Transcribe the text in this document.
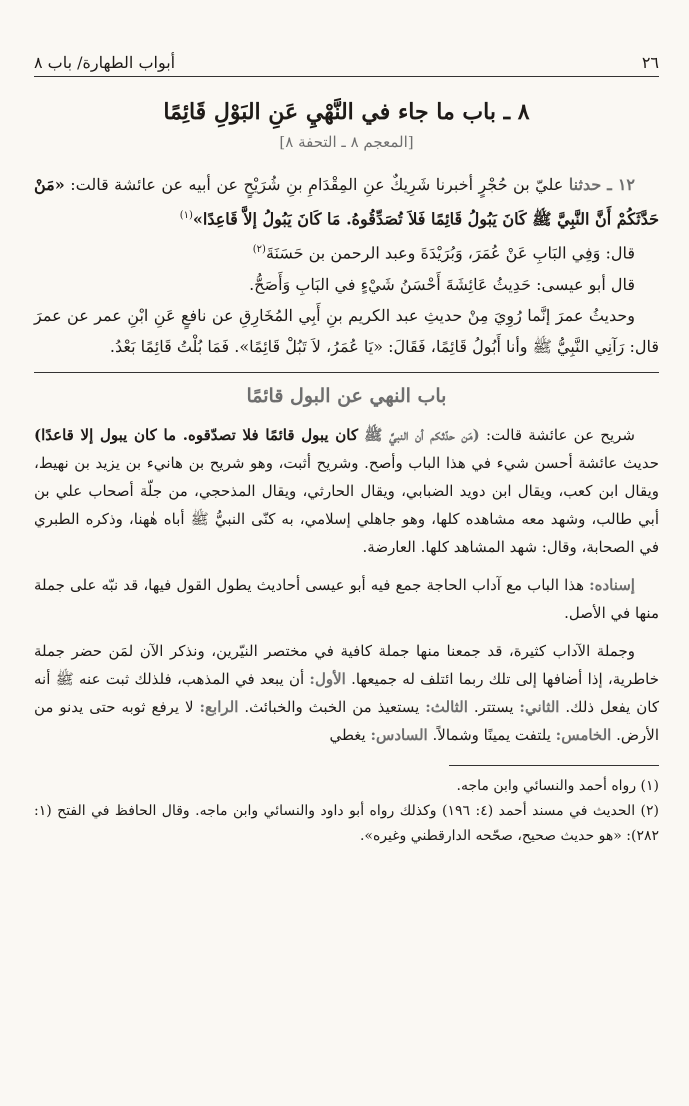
٢٦
أبواب الطهارة/ باب ٨
٨ ـ باب ما جاء في النَّهْيِ عَنِ البَوْلِ قَائِمًا
[المعجم ٨ ـ التحفة ٨]

١٢ ـ حدثنا عليّ بن حُجْرٍ أخبرنا شَرِيكٌ عنِ المِقْدَامِ بنِ شُرَيْحٍ عن أبيه عن عائشة قالت: «مَنْ حَدَّثَكُمْ أَنَّ النَّبِيَّ ﷺ كَانَ يَبُولُ قَائِمًا فَلاَ تُصَدِّقُوهُ. مَا كَانَ يَبُولُ إلاَّ قَاعِدًا»$^{(١)}$

قال: وَفِي البَابِ عَنْ عُمَرَ، وَبُرَيْدَةَ وعبد الرحمن بن حَسَنَةَ$^{(٢)}$

قال أبو عيسى: حَدِيثُ عَائِشَةَ أَحْسَنُ شَيْءٍ في البَابِ وَأَصَحُّ.

وحديثُ عمرَ إنَّما رُوِيَ مِنْ حديثِ عبد الكريم بنِ أَبِي المُخَارِقِ عن نافعٍ عَنِ ابْنِ عمر عن عمرَ قال: رَآنِي النَّبِيُّ ﷺ وأنا أَبُولُ قَائِمًا، فَقَالَ: «يَا عُمَرُ، لاَ تَبُلْ قَائِمًا». فَمَا بُلْتُ قَائِمًا بَعْدُ.

باب النهي عن البول قائمًا

شريح عن عائشة قالت: (مَن حدّثكم أن النبيَّ ﷺ كان يبول قائمًا فلا تصدّقوه. ما كان يبول إلا قاعدًا) حديث عائشة أحسن شيء في هذا الباب وأصح. وشريح أثبت، وهو شريح بن هانيء بن يزيد بن نهيط، ويقال ابن كعب، ويقال ابن دويد الضبابي، ويقال الحارثي، ويقال المذحجي، من جلّة أصحاب علي بن أبي طالب، وشهد معه مشاهده كلها، وهو جاهلي إسلامي، به كنّى النبيُّ ﷺ أباه هٰهنا، وذكره الطبري في الصحابة، وقال: شهد المشاهد كلها. العارضة.

إسناده: هذا الباب مع آداب الحاجة جمع فيه أبو عيسى أحاديث يطول القول فيها، قد نبّه على جملة منها في الأصل.

وجملة الآداب كثيرة، قد جمعنا منها جملة كافية في مختصر النيّرين، ونذكر الآن لمَن حضر جملة خاطرية، إذا أضافها إلى تلك ربما ائتلف له جميعها. الأول: أن يبعد في المذهب، فلذلك ثبت عنه ﷺ أنه كان يفعل ذلك. الثاني: يستتر. الثالث: يستعيذ من الخبث والخبائث. الرابع: لا يرفع ثوبه حتى يدنو من الأرض. الخامس: يلتفت يمينًا وشمالاً. السادس: يغطي

(١) رواه أحمد والنسائي وابن ماجه.

(٢) الحديث في مسند أحمد (٤: ١٩٦) وكذلك رواه أبو داود والنسائي وابن ماجه. وقال الحافظ في الفتح (١: ٢٨٢): «هو حديث صحيح، صحّحه الدارقطني وغيره».
